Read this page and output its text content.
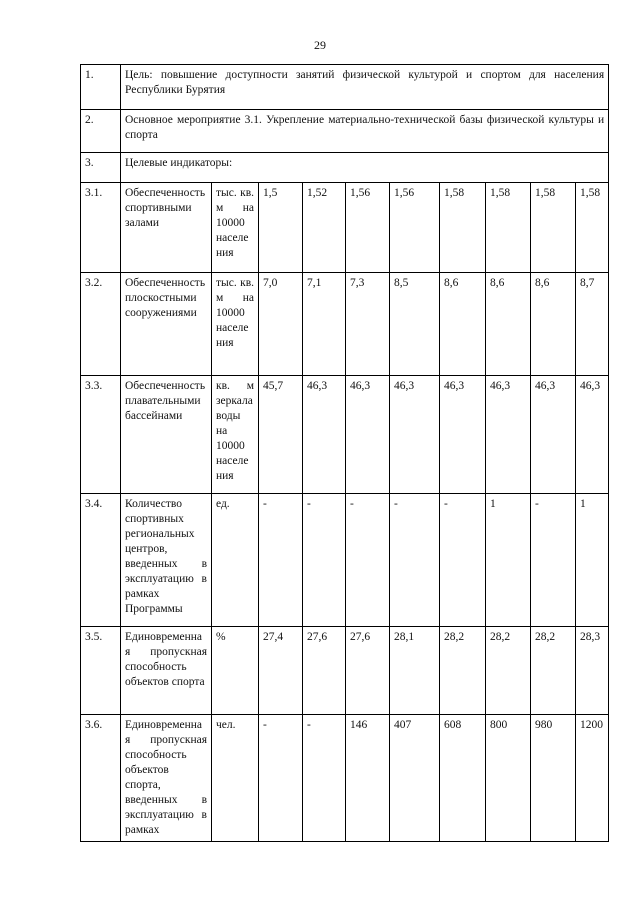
29
1.	Цель: повышение доступности занятий физической культурой и спортом для населения Республики Бурятия									
2.	Основное мероприятие 3.1. Укрепление материально-технической базы физической культуры и спорта									
3.	Целевые индикаторы:									
3.1.	Обеспеченность спортивными залами	тыс. кв. м на 10000 населения	1,5	1,52	1,56	1,56	1,58	1,58	1,58	1,58
3.2.	Обеспеченность плоскостными сооружениями	тыс. кв. м на 10000 населения	7,0	7,1	7,3	8,5	8,6	8,6	8,6	8,7
3.3.	Обеспеченность плавательными бассейнами	кв. м зеркала воды на 10000 населения	45,7	46,3	46,3	46,3	46,3	46,3	46,3	46,3
3.4.	Количество спортивных региональных центров, введенных в эксплуатацию в рамках Программы	ед.	-	-	-	-	-	1	-	1
3.5.	Единовременная пропускная способность объектов спорта	%	27,4	27,6	27,6	28,1	28,2	28,2	28,2	28,3
3.6.	Единовременная пропускная способность объектов спорта, введенных в эксплуатацию в рамках	чел.	-	-	146	407	608	800	980	1200
